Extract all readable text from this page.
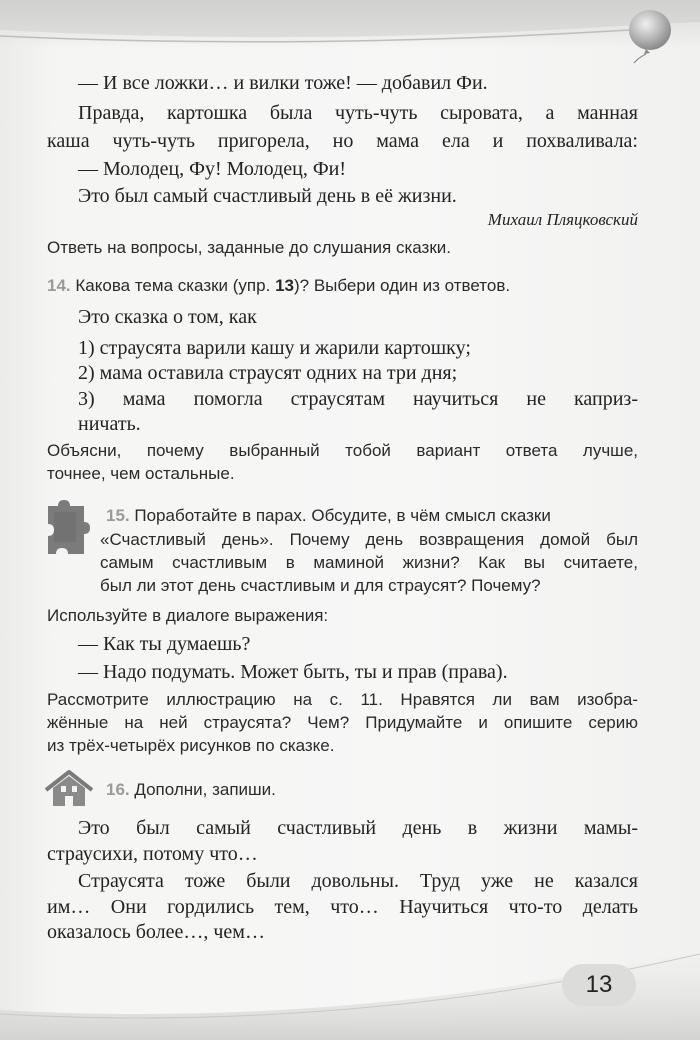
— И все ложки… и вилки тоже! — добавил Фи.
Правда, картошка была чуть-чуть сыровата, а манная
каша чуть-чуть пригорела, но мама ела и похваливала:
— Молодец, Фу! Молодец, Фи!
Это был самый счастливый день в её жизни.
Михаил Пляцковский
Ответь на вопросы, заданные до слушания сказки.
14. Какова тема сказки (упр. 13)? Выбери один из ответов.
Это сказка о том, как
1) страусята варили кашу и жарили картошку;
2) мама оставила страусят одних на три дня;
3) мама помогла страусятам научиться не каприз-
ничать.
Объясни, почему выбранный тобой вариант ответа лучше,
точнее, чем остальные.
15. Поработайте в парах. Обсудите, в чём смысл сказки
«Счастливый день». Почему день возвращения домой был
самым счастливым в маминой жизни? Как вы считаете,
был ли этот день счастливым и для страусят? Почему?
Используйте в диалоге выражения:
— Как ты думаешь?
— Надо подумать. Может быть, ты и прав (права).
Рассмотрите иллюстрацию на с. 11. Нравятся ли вам изобра-
жённые на ней страусята? Чем? Придумайте и опишите серию
из трёх-четырёх рисунков по сказке.
16. Дополни, запиши.
Это был самый счастливый день в жизни мамы-
страусихи, потому что…
Страусята тоже были довольны. Труд уже не казался
им… Они гордились тем, что… Научиться что-то делать
оказалось более…, чем…
13
